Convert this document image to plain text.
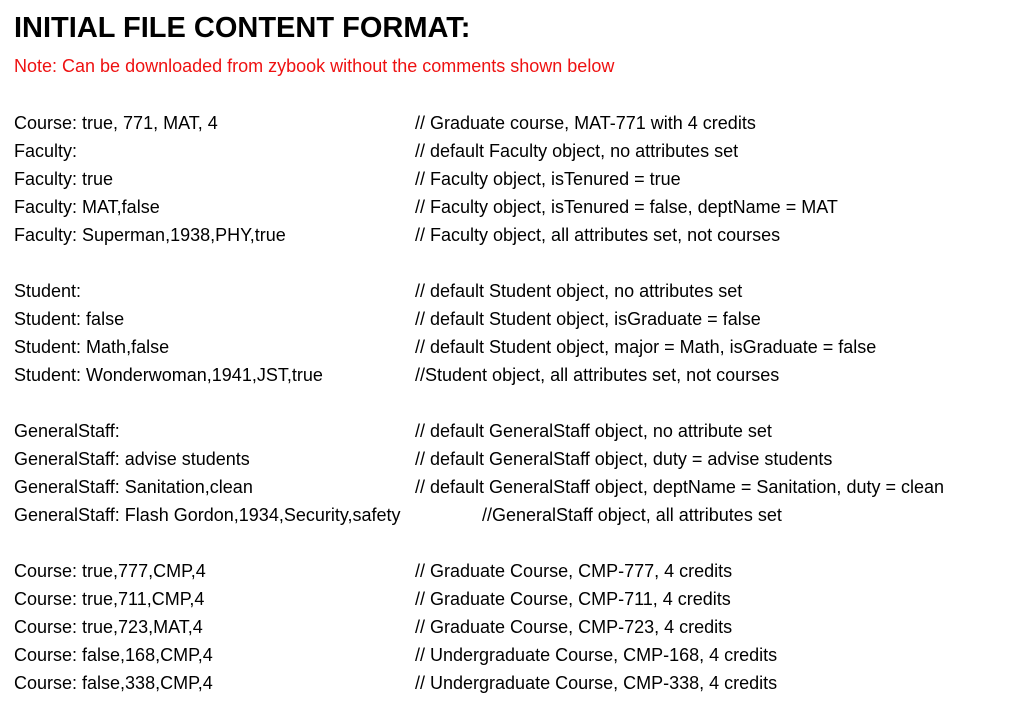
INITIAL FILE CONTENT FORMAT:
Note: Can be downloaded from zybook without the comments shown below
Course: true, 771, MAT, 4	// Graduate course, MAT-771 with 4 credits
Faculty:	// default Faculty object, no attributes set
Faculty: true	// Faculty object, isTenured = true
Faculty: MAT,false	// Faculty object, isTenured = false, deptName = MAT
Faculty: Superman,1938,PHY,true	// Faculty object, all attributes set, not courses
Student:	// default Student object, no attributes set
Student: false	// default Student object, isGraduate = false
Student: Math,false	// default Student object, major = Math, isGraduate = false
Student: Wonderwoman,1941,JST,true	//Student object, all attributes set, not courses
GeneralStaff:	// default GeneralStaff object, no attribute set
GeneralStaff: advise students	// default GeneralStaff object, duty = advise students
GeneralStaff: Sanitation,clean	// default GeneralStaff object, deptName = Sanitation, duty = clean
GeneralStaff: Flash Gordon,1934,Security,safety	//GeneralStaff object, all attributes set
Course: true,777,CMP,4	// Graduate Course, CMP-777, 4 credits
Course: true,711,CMP,4	// Graduate Course, CMP-711, 4 credits
Course: true,723,MAT,4	// Graduate Course, CMP-723, 4 credits
Course: false,168,CMP,4	// Undergraduate Course, CMP-168, 4 credits
Course: false,338,CMP,4	// Undergraduate Course, CMP-338, 4 credits
